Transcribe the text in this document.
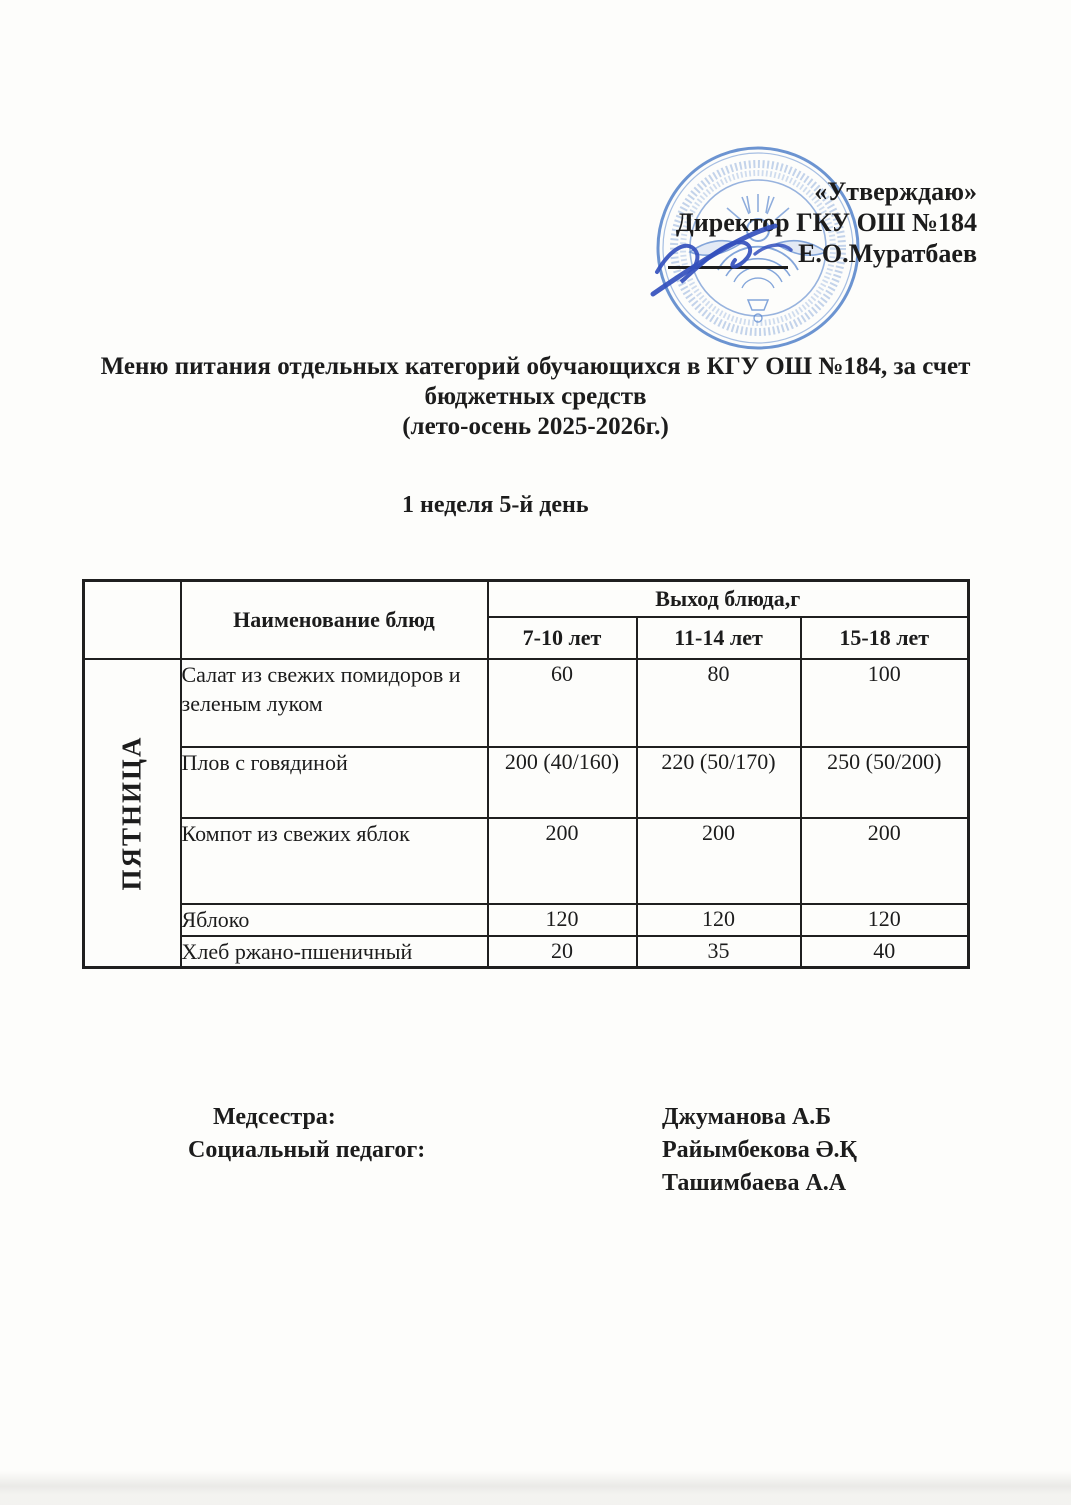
«Утверждаю»
Директор ГКУ ОШ №184
Е.О.Муратбаев
Меню питания отдельных категорий обучающихся в КГУ ОШ №184, за счет
бюджетных средств
(лето-осень 2025-2026г.)
1 неделя 5-й день
	Наименование блюд	Выход блюда,г		
		7-10 лет	11-14 лет	15-18 лет

ПЯТНИЦА	Салат из свежих помидоров и зеленым луком	60	80	100
	Плов с говядиной	200 (40/160)	220 (50/170)	250 (50/200)
	Компот из свежих яблок	200	200	200
	Яблоко	120	120	120
	Хлеб ржано-пшеничный	20	35	40
Медсестра:
Социальный педагог:
Джуманова А.Б
Райымбекова Ә.Қ
Ташимбаева А.А
